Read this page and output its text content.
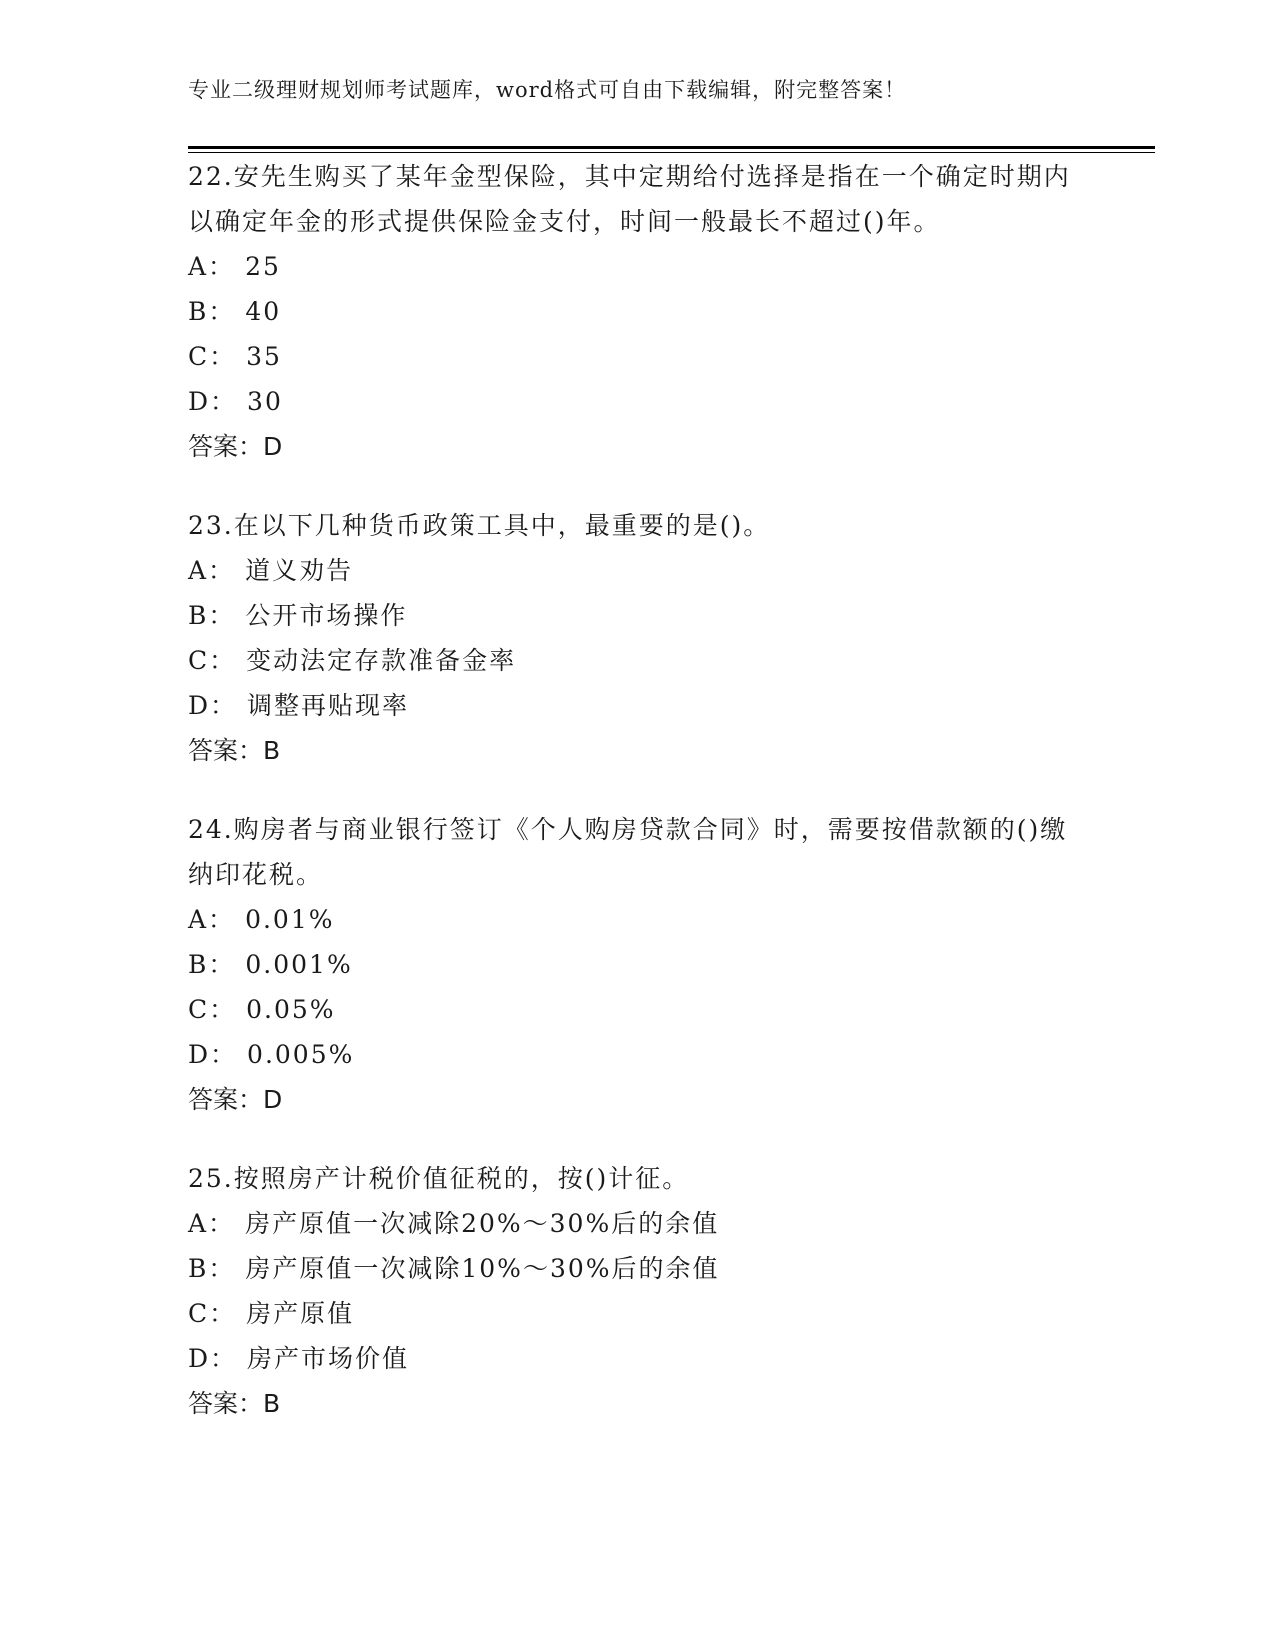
专业二级理财规划师考试题库，word格式可自由下载编辑，附完整答案！

22.安先生购买了某年金型保险，其中定期给付选择是指在一个确定时期内以确定年金的形式提供保险金支付，时间一般最长不超过()年。

A： 25
B： 40
C： 35
D： 30
答案：D

23.在以下几种货币政策工具中，最重要的是()。

A： 道义劝告
B： 公开市场操作
C： 变动法定存款准备金率
D： 调整再贴现率
答案：B

24.购房者与商业银行签订《个人购房贷款合同》时，需要按借款额的()缴纳印花税。

A： 0.01%
B： 0.001%
C： 0.05%
D： 0.005%
答案：D

25.按照房产计税价值征税的，按()计征。

A： 房产原值一次减除20%～30%后的余值
B： 房产原值一次减除10%～30%后的余值
C： 房产原值
D： 房产市场价值
答案：B
